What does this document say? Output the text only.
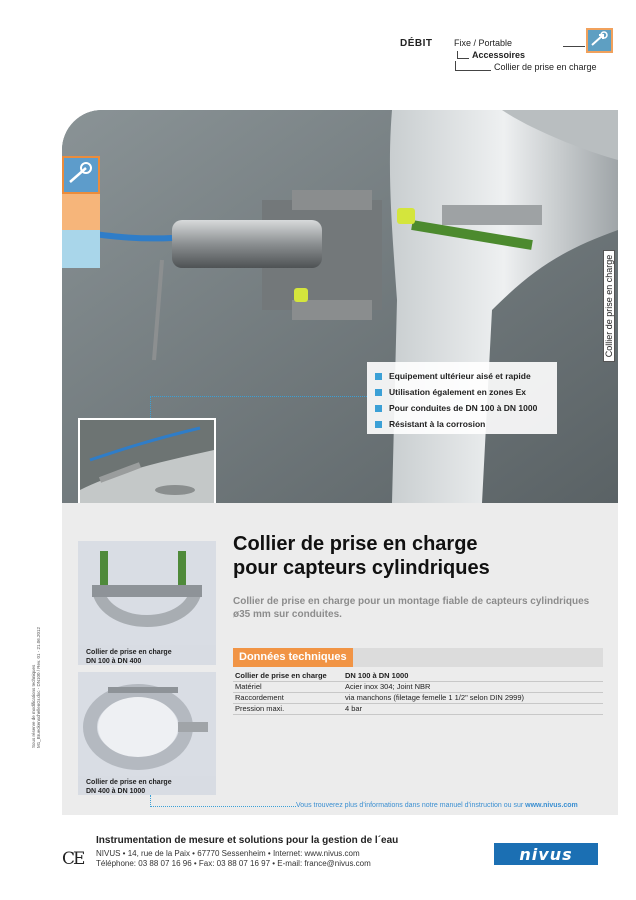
DÉBIT Fixe / Portable
Accessoires
Collier de prise en charge
Collier de prise en charge
Equipement ultérieur aisé et rapide
Utilisation également en zones Ex
Pour conduites de DN 100 à DN 1000
Résistant à la corrosion
Collier de prise en charge
DN 100 à DN 400
Collier de prise en charge
DN 400 à DN 1000
Collier de prise en charge
pour capteurs cylindriques
Collier de prise en charge pour un montage fiable de capteurs cylindriques ø35 mm sur conduites.
Données techniques
Collier de prise en charge	DN 100 à DN 1000
Matériel	Acier inox 304; Joint NBR
Raccordement	via manchons (filetage femelle 1 1/2" selon DIN 2999)
Pression maxi.	4 bar
Vous trouverez plus d'informations dans notre manuel d'instruction ou sur www.nivus.com
Sous réserve de modifications techniques M1_BrueckenschellenGr.doc - DN100 / Rev. 01 - 21.06.2012
CE
Instrumentation de mesure et solutions pour la gestion de l´eau
NIVUS • 14, rue de la Paix • 67770 Sessenheim • Internet: www.nivus.com
Téléphone: 03 88 07 16 96 • Fax: 03 88 07 16 97 • E-mail: france@nivus.com	nivus
